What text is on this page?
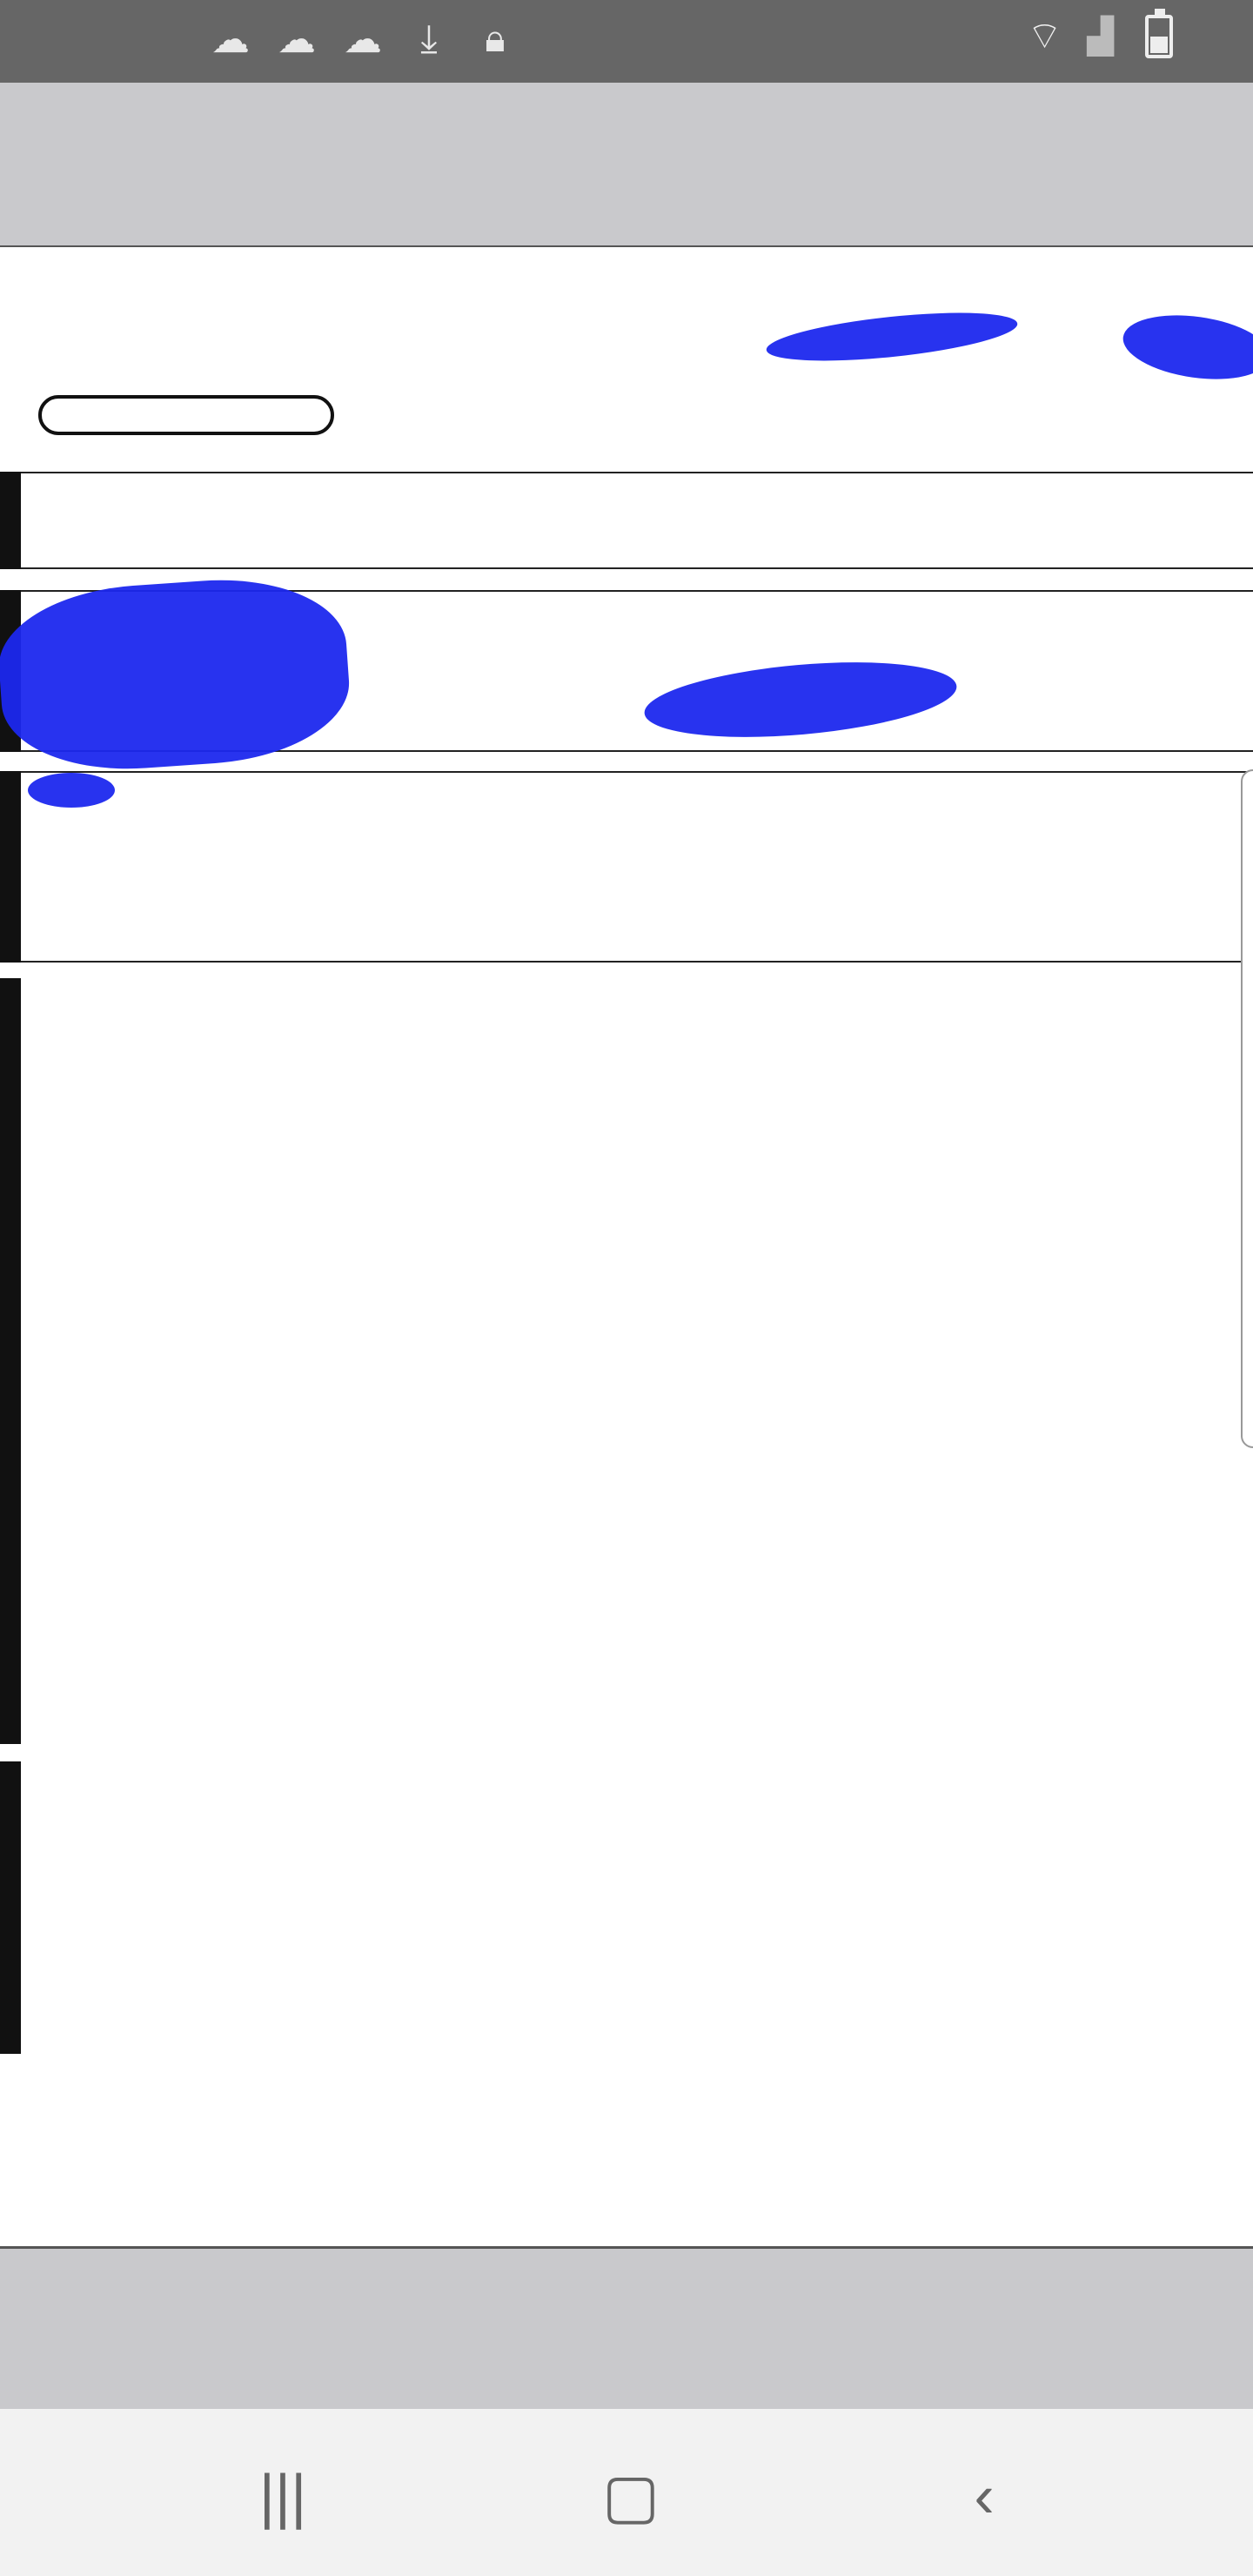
☁ ☁ ☁	⤓	🔒︎	⌔ ▟
|||	▢	‹
